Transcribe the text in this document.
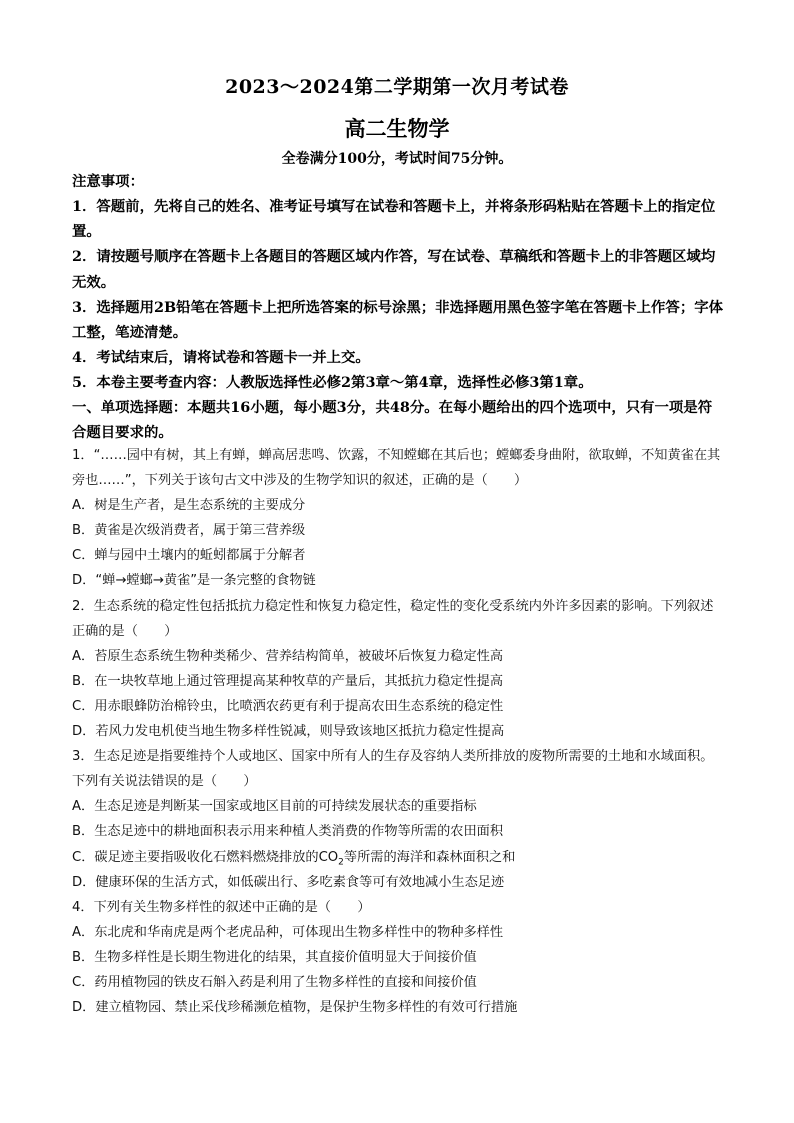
2023～2024第二学期第一次月考试卷
高二生物学
全卷满分100分，考试时间75分钟。
注意事项：
1．答题前，先将自己的姓名、准考证号填写在试卷和答题卡上，并将条形码粘贴在答题卡上的指定位置。
2．请按题号顺序在答题卡上各题目的答题区域内作答，写在试卷、草稿纸和答题卡上的非答题区域均无效。
3．选择题用2B铅笔在答题卡上把所选答案的标号涂黑；非选择题用黑色签字笔在答题卡上作答；字体工整，笔迹清楚。
4．考试结束后，请将试卷和答题卡一并上交。
5．本卷主要考查内容：人教版选择性必修2第3章～第4章，选择性必修3第1章。
一、单项选择题：本题共16小题，每小题3分，共48分。在每小题给出的四个选项中，只有一项是符合题目要求的。
1．“……园中有树，其上有蝉，蝉高居悲鸣、饮露，不知螳螂在其后也；螳螂委身曲附，欲取蝉，不知黄雀在其旁也……”，下列关于该句古文中涉及的生物学知识的叙述，正确的是（　　）
A．树是生产者，是生态系统的主要成分
B．黄雀是次级消费者，属于第三营养级
C．蝉与园中土壤内的蚯蚓都属于分解者
D．“蝉→螳螂→黄雀”是一条完整的食物链
2．生态系统的稳定性包括抵抗力稳定性和恢复力稳定性，稳定性的变化受系统内外许多因素的影响。下列叙述正确的是（　　）
A．苔原生态系统生物种类稀少、营养结构简单，被破坏后恢复力稳定性高
B．在一块牧草地上通过管理提高某种牧草的产量后，其抵抗力稳定性提高
C．用赤眼蜂防治棉铃虫，比喷洒农药更有利于提高农田生态系统的稳定性
D．若风力发电机使当地生物多样性锐减，则导致该地区抵抗力稳定性提高
3．生态足迹是指要维持个人或地区、国家中所有人的生存及容纳人类所排放的废物所需要的土地和水域面积。下列有关说法错误的是（　　）
A．生态足迹是判断某一国家或地区目前的可持续发展状态的重要指标
B．生态足迹中的耕地面积表示用来种植人类消费的作物等所需的农田面积
C．碳足迹主要指吸收化石燃料燃烧排放的$CO_2$等所需的海洋和森林面积之和
D．健康环保的生活方式，如低碳出行、多吃素食等可有效地减小生态足迹
4．下列有关生物多样性的叙述中正确的是（　　）
A．东北虎和华南虎是两个老虎品种，可体现出生物多样性中的物种多样性
B．生物多样性是长期生物进化的结果，其直接价值明显大于间接价值
C．药用植物园的铁皮石斛入药是利用了生物多样性的直接和间接价值
D．建立植物园、禁止采伐珍稀濒危植物，是保护生物多样性的有效可行措施
